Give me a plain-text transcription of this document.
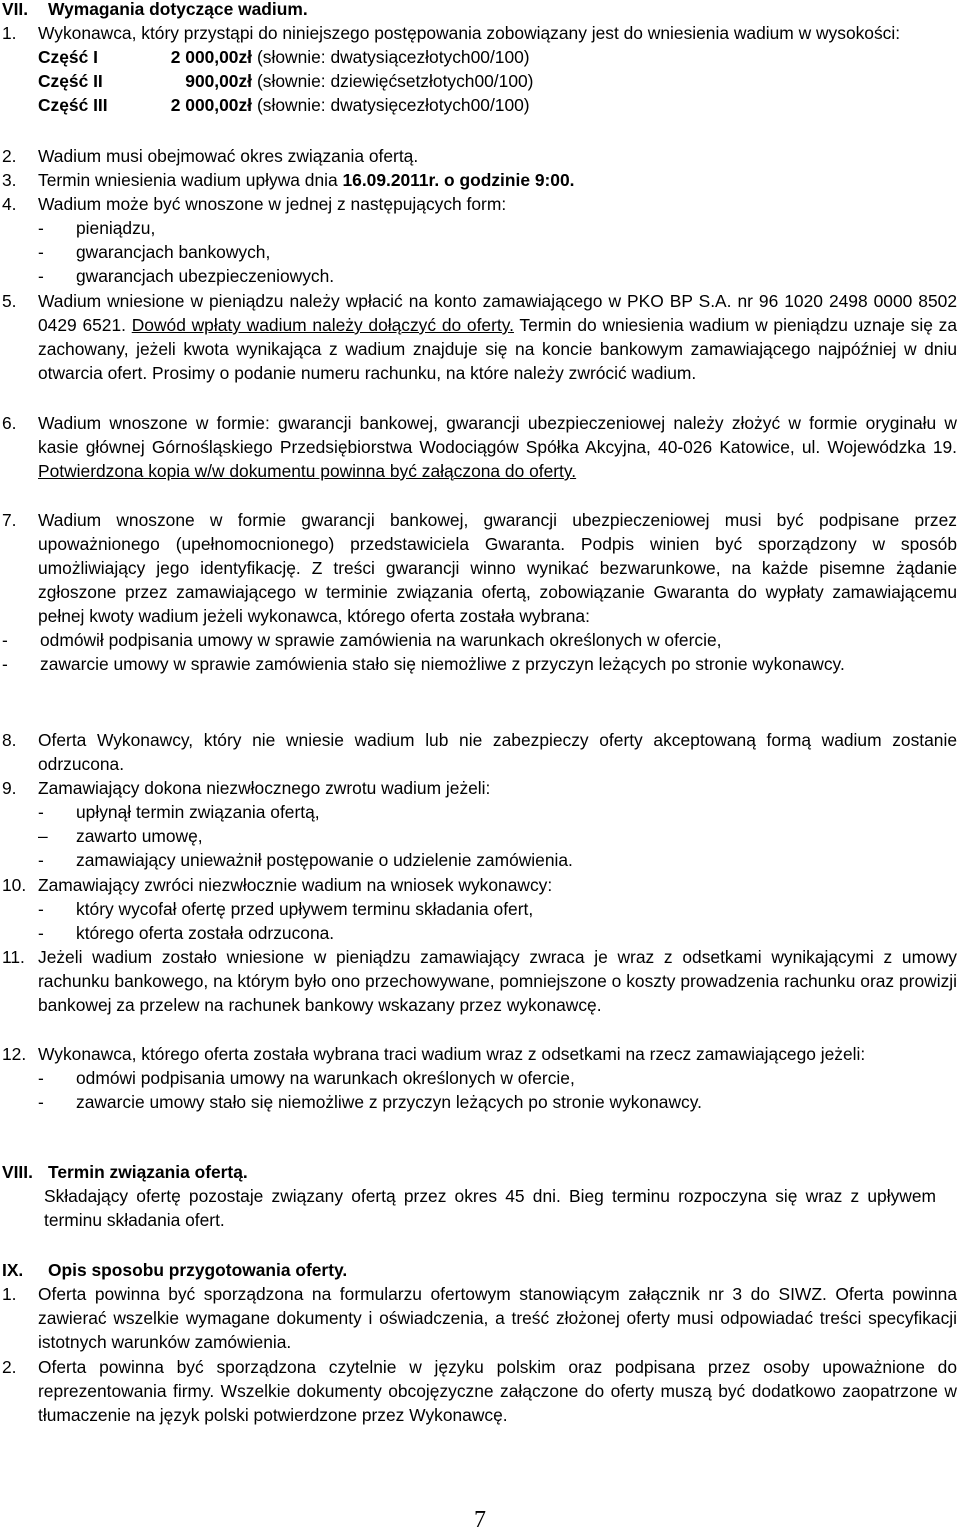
VII. Wymagania dotyczące wadium.
1. Wykonawca, który przystąpi do niniejszego postępowania zobowiązany jest do wniesienia wadium w wysokości:

Część I	2 000,00zł (słownie: dwatysiącezłotych00/100)
Część II	900,00zł (słownie: dziewięćsetzłotych00/100)
Część III	2 000,00zł (słownie: dwatysięcezłotych00/100)
2. Wadium musi obejmować okres związania ofertą.

3. Termin wniesienia wadium upływa dnia 16.09.2011r. o godzinie 9:00.

4. Wadium może być wnoszone w jednej z następujących form:

- pieniądzu,
- gwarancjach bankowych,
- gwarancjach ubezpieczeniowych.
5. Wadium wniesione w pieniądzu należy wpłacić na konto zamawiającego w PKO BP S.A. nr 96 1020 2498 0000 8502 0429 6521. Dowód wpłaty wadium należy dołączyć do oferty. Termin do wniesienia wadium w pieniądzu uznaje się za zachowany, jeżeli kwota wynikająca z wadium znajduje się na koncie bankowym zamawiającego najpóźniej w dniu otwarcia ofert. Prosimy o podanie numeru rachunku, na które należy zwrócić wadium.

6. Wadium wnoszone w formie: gwarancji bankowej, gwarancji ubezpieczeniowej należy złożyć w formie oryginału w kasie głównej Górnośląskiego Przedsiębiorstwa Wodociągów Spółka Akcyjna, 40-026 Katowice, ul. Wojewódzka 19. Potwierdzona kopia w/w dokumentu powinna być załączona do oferty.

7. Wadium wnoszone w formie gwarancji bankowej, gwarancji ubezpieczeniowej musi być podpisane przez upoważnionego (upełnomocnionego) przedstawiciela Gwaranta. Podpis winien być sporządzony w sposób umożliwiający jego identyfikację. Z treści gwarancji winno wynikać bezwarunkowe, na każde pisemne żądanie zgłoszone przez zamawiającego w terminie związania ofertą, zobowiązanie Gwaranta do wypłaty zamawiającemu pełnej kwoty wadium jeżeli wykonawca, którego oferta została wybrana:

- odmówił podpisania umowy w sprawie zamówienia na warunkach określonych w ofercie,
- zawarcie umowy w sprawie zamówienia stało się niemożliwe z przyczyn leżących po stronie wykonawcy.
8. Oferta Wykonawcy, który nie wniesie wadium lub nie zabezpieczy oferty akceptowaną formą wadium zostanie odrzucona.

9. Zamawiający dokona niezwłocznego zwrotu wadium jeżeli:

- upłynął termin związania ofertą,
– zawarto umowę,
- zamawiający unieważnił postępowanie o udzielenie zamówienia.
10. Zamawiający zwróci niezwłocznie wadium na wniosek wykonawcy:

- który wycofał ofertę przed upływem terminu składania ofert,
- którego oferta została odrzucona.
11. Jeżeli wadium zostało wniesione w pieniądzu zamawiający zwraca je wraz z odsetkami wynikającymi z umowy rachunku bankowego, na którym było ono przechowywane, pomniejszone o koszty prowadzenia rachunku oraz prowizji bankowej za przelew na rachunek bankowy wskazany przez wykonawcę.

12. Wykonawca, którego oferta została wybrana traci wadium wraz z odsetkami na rzecz zamawiającego jeżeli:

- odmówi podpisania umowy na warunkach określonych w ofercie,
- zawarcie umowy stało się niemożliwe z przyczyn leżących po stronie wykonawcy.
VIII. Termin związania ofertą.
Składający ofertę pozostaje związany ofertą przez okres 45 dni. Bieg terminu rozpoczyna się wraz z upływem terminu składania ofert.
IX. Opis sposobu przygotowania oferty.
1. Oferta powinna być sporządzona na formularzu ofertowym stanowiącym załącznik nr 3 do SIWZ. Oferta powinna zawierać wszelkie wymagane dokumenty i oświadczenia, a treść złożonej oferty musi odpowiadać treści specyfikacji istotnych warunków zamówienia.

2. Oferta powinna być sporządzona czytelnie w języku polskim oraz podpisana przez osoby upoważnione do reprezentowania firmy. Wszelkie dokumenty obcojęzyczne załączone do oferty muszą być dodatkowo zaopatrzone w tłumaczenie na język polski potwierdzone przez Wykonawcę.

7
